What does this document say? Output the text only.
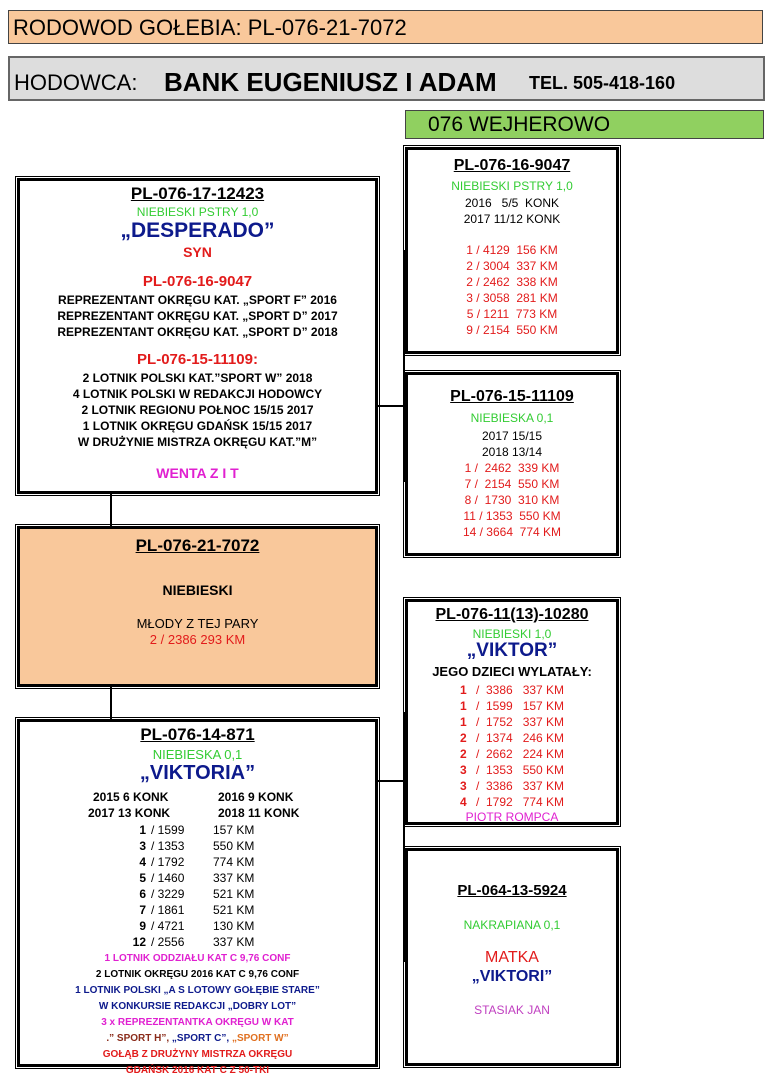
RODOWOD GOŁEBIA: PL-076-21-7072
HODOWCA: BANK EUGENIUSZ I ADAM TEL. 505-418-160
076 WEJHEROWO
PL-076-17-12423
NIEBIESKI PSTRY 1,0
„DESPERADO”
SYN
PL-076-16-9047
REPREZENTANT OKRĘGU KAT. „SPORT F” 2016
REPREZENTANT OKRĘGU KAT. „SPORT D” 2017
REPREZENTANT OKRĘGU KAT. „SPORT D” 2018
PL-076-15-11109:
2 LOTNIK POLSKI KAT.”SPORT W” 2018
4 LOTNIK POLSKI W REDAKCJI HODOWCY
2 LOTNIK REGIONU POŁNOC 15/15 2017
1 LOTNIK OKRĘGU GDAŃSK 15/15 2017
W DRUŻYNIE MISTRZA OKRĘGU KAT.”M”
WENTA Z I T
PL-076-21-7072
NIEBIESKI
MŁODY Z TEJ PARY
2 / 2386 293 KM
PL-076-14-871
NIEBIESKA 0,1
„VIKTORIA”
2015 6 KONK	2016 9 KONK
2017 13 KONK	2018 11 KONK
1 / 1599 157 KM
3 / 1353 550 KM
4 / 1792 774 KM
5 / 1460 337 KM
6 / 3229 521 KM
7 / 1861 521 KM
9 / 4721 130 KM
12 / 2556 337 KM
1 LOTNIK ODDZIAŁU KAT C 9,76 CONF
2 LOTNIK OKRĘGU 2016 KAT C 9,76 CONF
1 LOTNIK POLSKI „A S LOTOWY GOŁĘBIE STARE”
W KONKURSIE REDAKCJI „DOBRY LOT”
3 x REPREZENTANTKA OKRĘGU W KAT
.” SPORT H”, „SPORT C”, „SPORT W”
GOŁĄB Z DRUŻYNY MISTRZA OKRĘGU
GDAŃSK 2016 KAT C Z 50-TKI
PL-076-16-9047
NIEBIESKI PSTRY 1,0
2016   5/5  KONK
2017 11/12 KONK
1 / 4129  156 KM
2 / 3004  337 KM
2 / 2462  338 KM
3 / 3058  281 KM
5 / 1211  773 KM
9 / 2154  550 KM
PL-076-15-11109
NIEBIESKA 0,1
2017 15/15
2018 13/14
1 /  2462  339 KM
7 /  2154  550 KM
8 /  1730  310 KM
11 / 1353  550 KM
14 / 3664  774 KM
PL-076-11(13)-10280
NIEBIESKI 1,0
„VIKTOR”
JEGO DZIECI WYLATAŁY:
1 /  3386   337 KM
1 /  1599   157 KM
1 /  1752   337 KM
2 /  1374   246 KM
2 /  2662   224 KM
3 /  1353   550 KM
3 /  3386   337 KM
4 /  1792   774 KM
PIOTR ROMPCA
PL-064-13-5924
NAKRAPIANA 0,1
MATKA
„VIKTORI”
STASIAK JAN
